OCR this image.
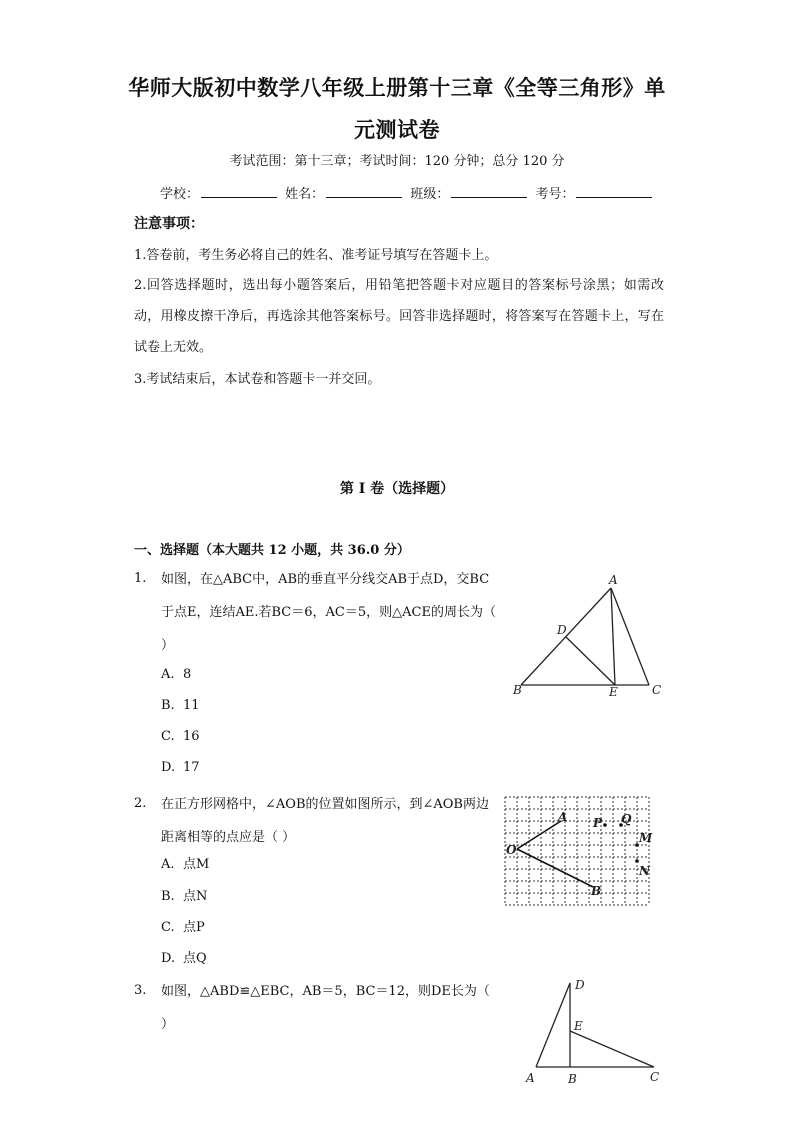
华师大版初中数学八年级上册第十三章《全等三角形》单
元测试卷
考试范围：第十三章；考试时间：120 分钟；总分 120 分
学校：	姓名：	班级：	考号：
注意事项：
1.答卷前，考生务必将自己的姓名、准考证号填写在答题卡上。
2.回答选择题时，选出每小题答案后，用铅笔把答题卡对应题目的答案标号涂黑；如需改动，用橡皮擦干净后，再选涂其他答案标号。回答非选择题时，将答案写在答题卡上，写在试卷上无效。
3.考试结束后，本试卷和答题卡一并交回。
第 I 卷（选择题）
一、选择题（本大题共 12 小题，共 36.0 分）
1. 如图，在△ABC中，AB的垂直平分线交AB于点D，交BC于点E，连结AE.若BC＝6，AC＝5，则△ACE的周长为（ ）
A. 8
B. 11
C. 16
D. 17
A
B	C
D
E
2. 在正方形网格中，∠AOB的位置如图所示，到∠AOB两边距离相等的点应是（ ）
A. 点M
B. 点N
C. 点P
D. 点Q
O
A
B
P Q
M
N
3. 如图，△ABD≌△EBC，AB＝5，BC＝12，则DE长为（ ）
D
E
A	B	C
